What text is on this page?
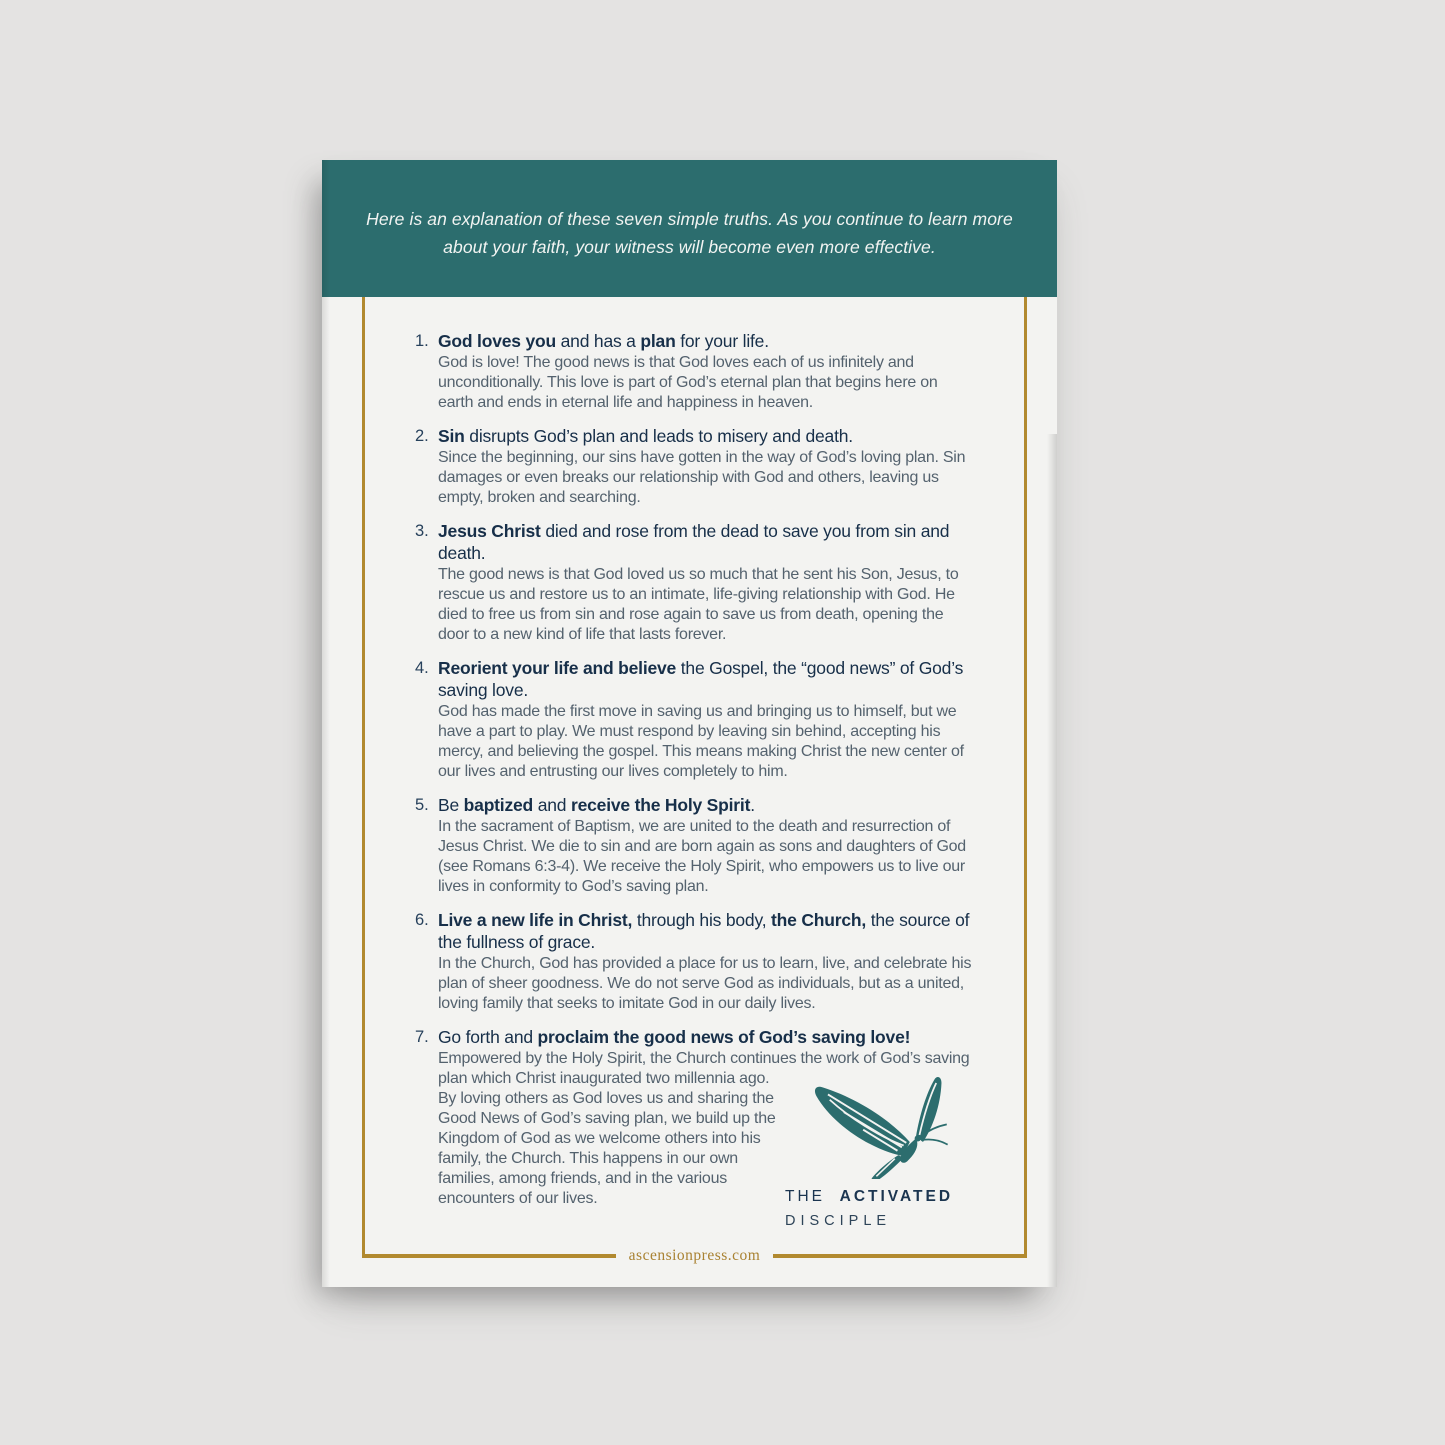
Here is an explanation of these seven simple truths. As you continue to learn more about your faith, your witness will become even more effective.

1. God loves you and has a plan for your life.
God is love! The good news is that God loves each of us infinitely and unconditionally. This love is part of God’s eternal plan that begins here on earth and ends in eternal life and happiness in heaven.
2. Sin disrupts God’s plan and leads to misery and death.
Since the beginning, our sins have gotten in the way of God’s loving plan. Sin damages or even breaks our relationship with God and others, leaving us empty, broken and searching.
3. Jesus Christ died and rose from the dead to save you from sin and death.
The good news is that God loved us so much that he sent his Son, Jesus, to rescue us and restore us to an intimate, life-giving relationship with God. He died to free us from sin and rose again to save us from death, opening the door to a new kind of life that lasts forever.
4. Reorient your life and believe the Gospel, the “good news” of God’s saving love.
God has made the first move in saving us and bringing us to himself, but we have a part to play. We must respond by leaving sin behind, accepting his mercy, and believing the gospel. This means making Christ the new center of our lives and entrusting our lives completely to him.
5. Be baptized and receive the Holy Spirit.
In the sacrament of Baptism, we are united to the death and resurrection of Jesus Christ. We die to sin and are born again as sons and daughters of God (see Romans 6:3-4). We receive the Holy Spirit, who empowers us to live our lives in conformity to God’s saving plan.
6. Live a new life in Christ, through his body, the Church, the source of the fullness of grace.
In the Church, God has provided a place for us to learn, live, and celebrate his plan of sheer goodness. We do not serve God as individuals, but as a united, loving family that seeks to imitate God in our daily lives.
7. Go forth and proclaim the good news of God’s saving love!
THE ACTIVATED
DISCIPLE
Empowered by the Holy Spirit, the Church continues the work of God’s saving plan which Christ inaugurated two millennia ago. By loving others as God loves us and sharing the Good News of God’s saving plan, we build up the Kingdom of God as we welcome others into his family, the Church. This happens in our own families, among friends, and in the various encounters of our lives.
ascensionpress.com
